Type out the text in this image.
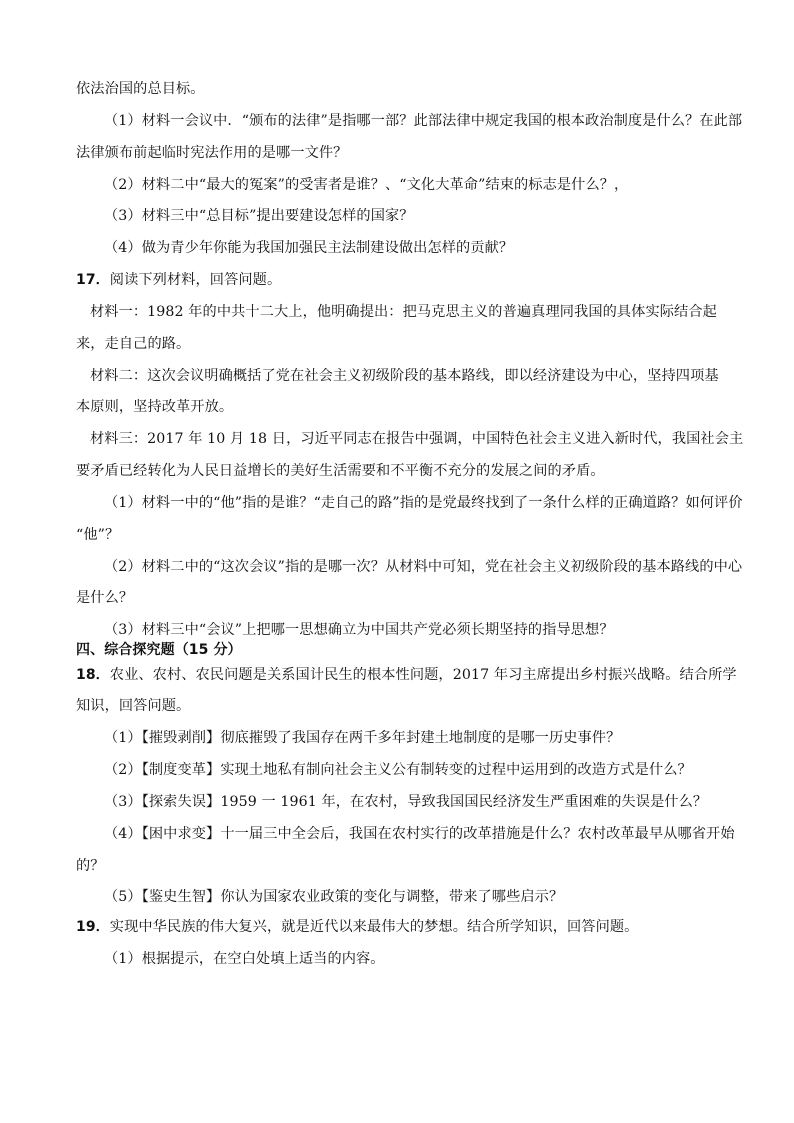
依法治国的总目标。
（1）材料一会议中．“颁布的法律”是指哪一部？此部法律中规定我国的根本政治制度是什么？在此部
法律颁布前起临时宪法作用的是哪一文件？
（2）材料二中“最大的冤案”的受害者是谁？、“文化大革命”结束的标志是什么？，
（3）材料三中“总目标”提出要建设怎样的国家？
（4）做为青少年你能为我国加强民主法制建设做出怎样的贡献？
17．阅读下列材料，回答问题。
材料一：1982 年的中共十二大上，他明确提出：把马克思主义的普遍真理同我国的具体实际结合起
来，走自己的路。
材料二：这次会议明确概括了党在社会主义初级阶段的基本路线，即以经济建设为中心，坚持四项基
本原则，坚持改革开放。
材料三：2017 年 10 月 18 日，习近平同志在报告中强调，中国特色社会主义进入新时代，我国社会主
要矛盾已经转化为人民日益增长的美好生活需要和不平衡不充分的发展之间的矛盾。
（1）材料一中的“他”指的是谁？“走自己的路”指的是党最终找到了一条什么样的正确道路？如何评价
“他”？
（2）材料二中的“这次会议”指的是哪一次？从材料中可知，党在社会主义初级阶段的基本路线的中心
是什么？
（3）材料三中“会议”上把哪一思想确立为中国共产党必须长期坚持的指导思想？
四、综合探究题（15 分）
18．农业、农村、农民问题是关系国计民生的根本性问题，2017 年习主席提出乡村振兴战略。结合所学
知识，回答问题。
（1）【摧毁剥削】彻底摧毁了我国存在两千多年封建土地制度的是哪一历史事件？
（2）【制度变革】实现土地私有制向社会主义公有制转变的过程中运用到的改造方式是什么？
（3）【探索失误】1959 一 1961 年，在农村，导致我国国民经济发生严重困难的失误是什么？
（4）【困中求变】十一届三中全会后，我国在农村实行的改革措施是什么？农村改革最早从哪省开始
的？
（5）【鉴史生智】你认为国家农业政策的变化与调整，带来了哪些启示？
19．实现中华民族的伟大复兴，就是近代以来最伟大的梦想。结合所学知识，回答问题。
（1）根据提示，在空白处填上适当的内容。
